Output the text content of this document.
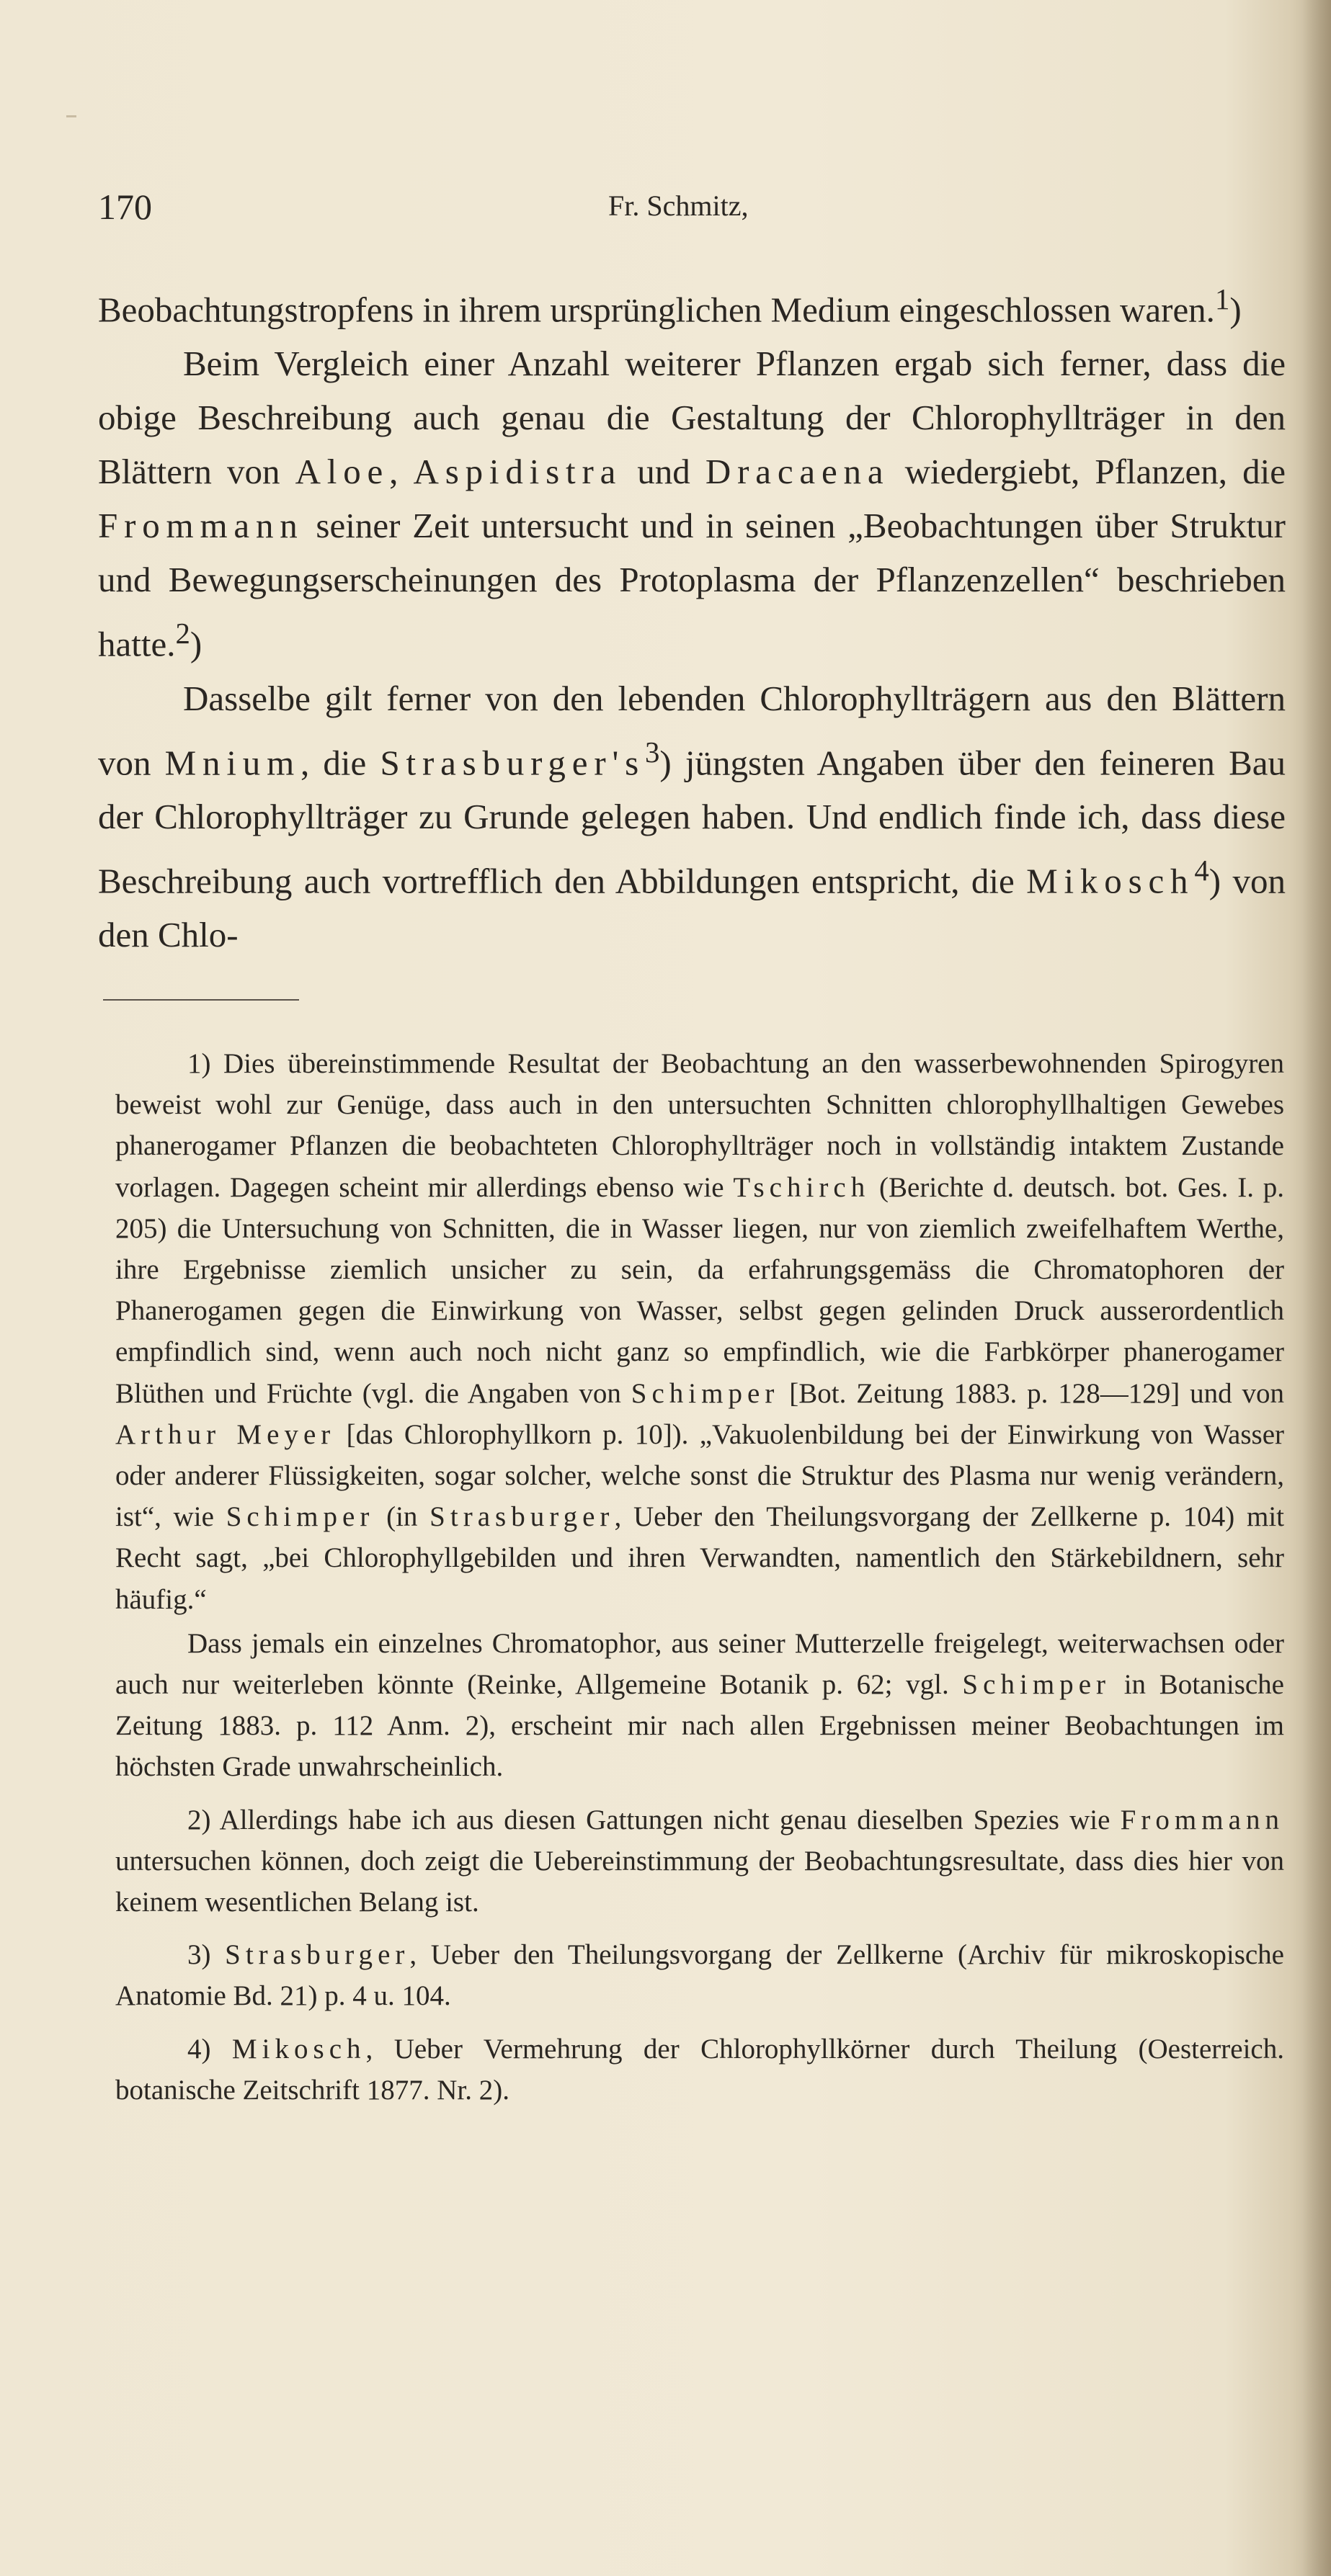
170	Fr. Schmitz,

Beobachtungstropfens in ihrem ursprünglichen Medium eingeschlossen waren.$^1$)

Beim Vergleich einer Anzahl weiterer Pflanzen ergab sich ferner, dass die obige Beschreibung auch genau die Gestaltung der Chlorophyllträger in den Blättern von Aloe, Aspidistra und Dracaena wiedergiebt, Pflanzen, die Frommann seiner Zeit untersucht und in seinen „Beobachtungen über Struktur und Bewegungserscheinungen des Protoplasma der Pflanzenzellen“ beschrieben hatte.$^2$)

Dasselbe gilt ferner von den lebenden Chlorophyllträgern aus den Blättern von Mnium, die $Strasburger's^3$) jüngsten Angaben über den feineren Bau der Chlorophyllträger zu Grunde gelegen haben. Und endlich finde ich, dass diese Beschreibung auch vortrefflich den Abbildungen entspricht, die Mikosch$^4$) von den Chlo-

1) Dies übereinstimmende Resultat der Beobachtung an den wasserbewohnenden Spirogyren beweist wohl zur Genüge, dass auch in den untersuchten Schnitten chlorophyllhaltigen Gewebes phanerogamer Pflanzen die beobachteten Chlorophyllträger noch in vollständig intaktem Zustande vorlagen. Dagegen scheint mir allerdings ebenso wie Tschirch (Berichte d. deutsch. bot. Ges. I. p. 205) die Untersuchung von Schnitten, die in Wasser liegen, nur von ziemlich zweifelhaftem Werthe, ihre Ergebnisse ziemlich unsicher zu sein, da erfahrungsgemäss die Chromatophoren der Phanerogamen gegen die Einwirkung von Wasser, selbst gegen gelinden Druck ausserordentlich empfindlich sind, wenn auch noch nicht ganz so empfindlich, wie die Farbkörper phanerogamer Blüthen und Früchte (vgl. die Angaben von Schimper [Bot. Zeitung 1883. p. 128—129] und von Arthur Meyer [das Chlorophyllkorn p. 10]). „Vakuolenbildung bei der Einwirkung von Wasser oder anderer Flüssigkeiten, sogar solcher, welche sonst die Struktur des Plasma nur wenig verändern, ist“, wie Schimper (in Strasburger, Ueber den Theilungsvorgang der Zellkerne p. 104) mit Recht sagt, „bei Chlorophyllgebilden und ihren Verwandten, namentlich den Stärkebildnern, sehr häufig.“

Dass jemals ein einzelnes Chromatophor, aus seiner Mutterzelle freigelegt, weiterwachsen oder auch nur weiterleben könnte (Reinke, Allgemeine Botanik p. 62; vgl. Schimper in Botanische Zeitung 1883. p. 112 Anm. 2), erscheint mir nach allen Ergebnissen meiner Beobachtungen im höchsten Grade unwahrscheinlich.

2) Allerdings habe ich aus diesen Gattungen nicht genau dieselben Spezies wie Frommann untersuchen können, doch zeigt die Uebereinstimmung der Beobachtungsresultate, dass dies hier von keinem wesentlichen Belang ist.

3) Strasburger, Ueber den Theilungsvorgang der Zellkerne (Archiv für mikroskopische Anatomie Bd. 21) p. 4 u. 104.

4) Mikosch, Ueber Vermehrung der Chlorophyllkörner durch Theilung (Oesterreich. botanische Zeitschrift 1877. Nr. 2).
